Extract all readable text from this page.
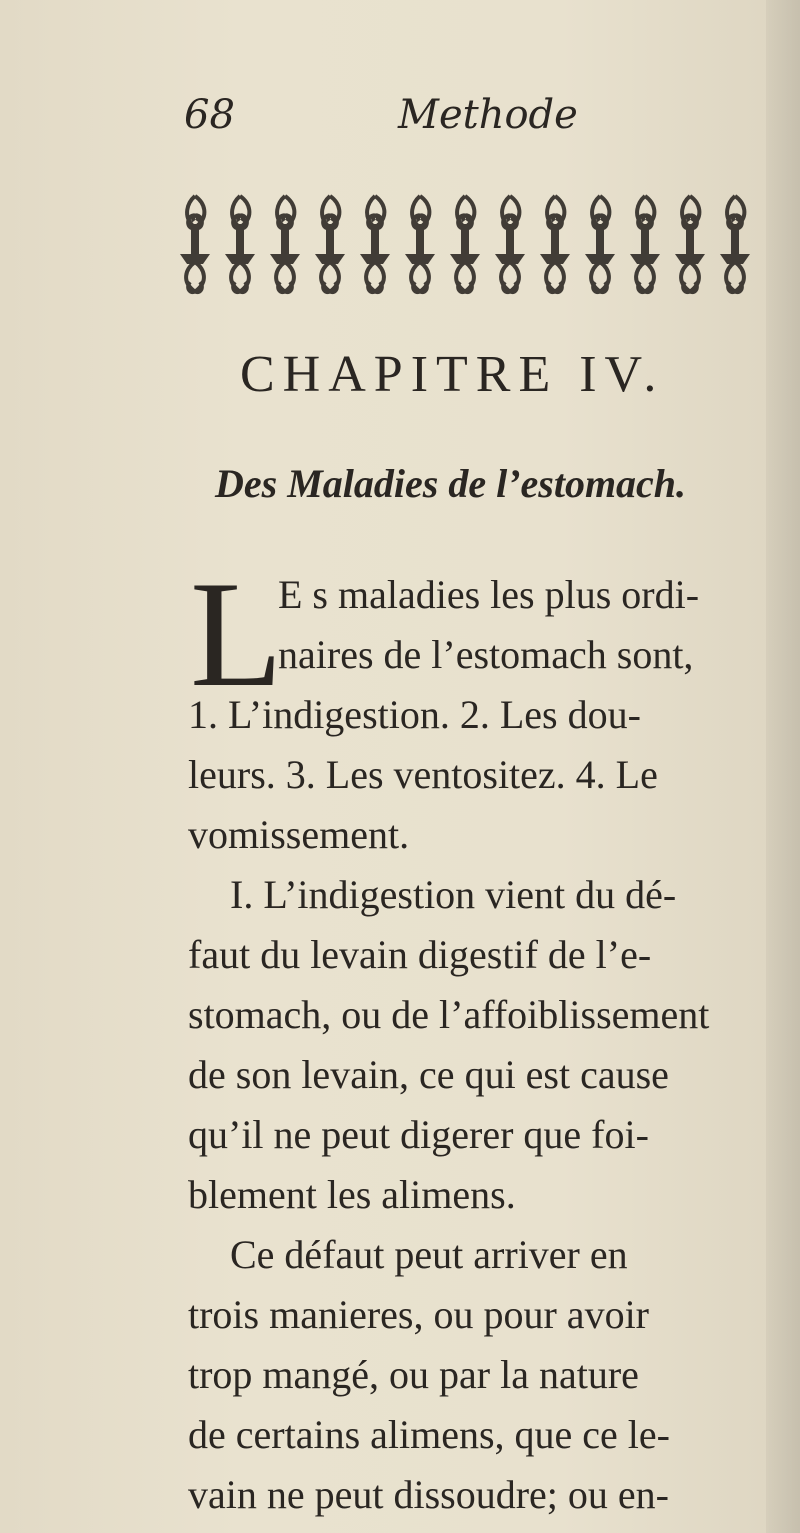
68	Methode
CHAPITRE IV.
Des Maladies de l’estomach.
L
E s maladies les plus ordi-
naires de l’estomach sont,
1. L’indigestion. 2. Les dou-
leurs. 3. Les ventositez. 4. Le
vomissement.
I. L’indigestion vient du dé-
faut du levain digestif de l’e-
stomach, ou de l’affoiblissement
de son levain, ce qui est cause
qu’il ne peut digerer que foi-
blement les alimens.
Ce défaut peut arriver en
trois manieres, ou pour avoir
trop mangé, ou par la nature
de certains alimens, que ce le-
vain ne peut dissoudre; ou en-
